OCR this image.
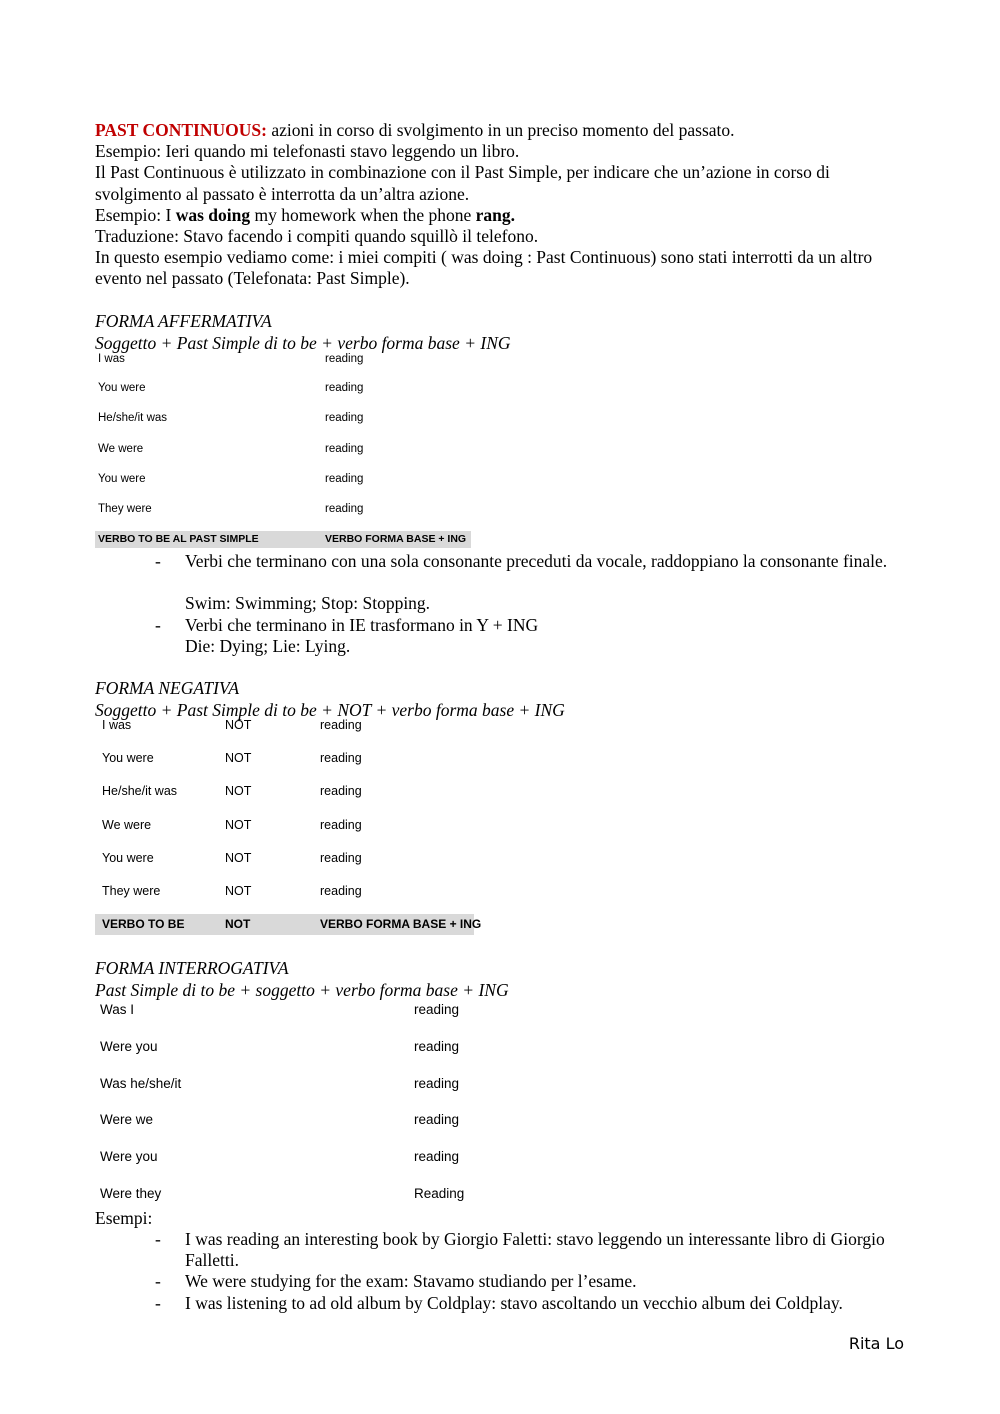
PAST CONTINUOUS: azioni in corso di svolgimento in un preciso momento del passato.
Esempio: Ieri quando mi telefonasti stavo leggendo un libro.
Il Past Continuous è utilizzato in combinazione con il Past Simple, per indicare che un’azione in corso di svolgimento al passato è interrotta da un’altra azione.
Esempio: I was doing my homework when the phone rang.
Traduzione: Stavo facendo i compiti quando squillò il telefono.
In questo esempio vediamo come: i miei compiti ( was doing : Past Continuous) sono stati interrotti da un altro evento nel passato (Telefonata: Past Simple).
FORMA AFFERMATIVA
Soggetto + Past Simple di to be + verbo forma base + ING
I was	reading
You were	reading
He/she/it was	reading
We were	reading
You were	reading
They were	reading
VERBO TO BE AL PAST SIMPLE	VERBO FORMA BASE + ING
- Verbi che terminano con una sola consonante preceduti da vocale, raddoppiano la consonante finale.
Swim: Swimming; Stop: Stopping.
- Verbi che terminano in IE trasformano in Y + ING
Die: Dying; Lie: Lying.
FORMA NEGATIVA
Soggetto + Past Simple di to be + NOT + verbo forma base + ING
I was	NOT	reading
You were	NOT	reading
He/she/it was	NOT	reading
We were	NOT	reading
You were	NOT	reading
They were	NOT	reading
VERBO TO BE	NOT	VERBO FORMA BASE + ING
FORMA INTERROGATIVA
Past Simple di to be + soggetto + verbo forma base + ING
Was I	reading
Were you	reading
Was he/she/it	reading
Were we	reading
Were you	reading
Were they	Reading
Esempi:
- I was reading an interesting book by Giorgio Faletti: stavo leggendo un interessante libro di Giorgio Falletti.
- We were studying for the exam: Stavamo studiando per l’esame.
- I was listening to ad old album by Coldplay: stavo ascoltando un vecchio album dei Coldplay.
Rita Lo
